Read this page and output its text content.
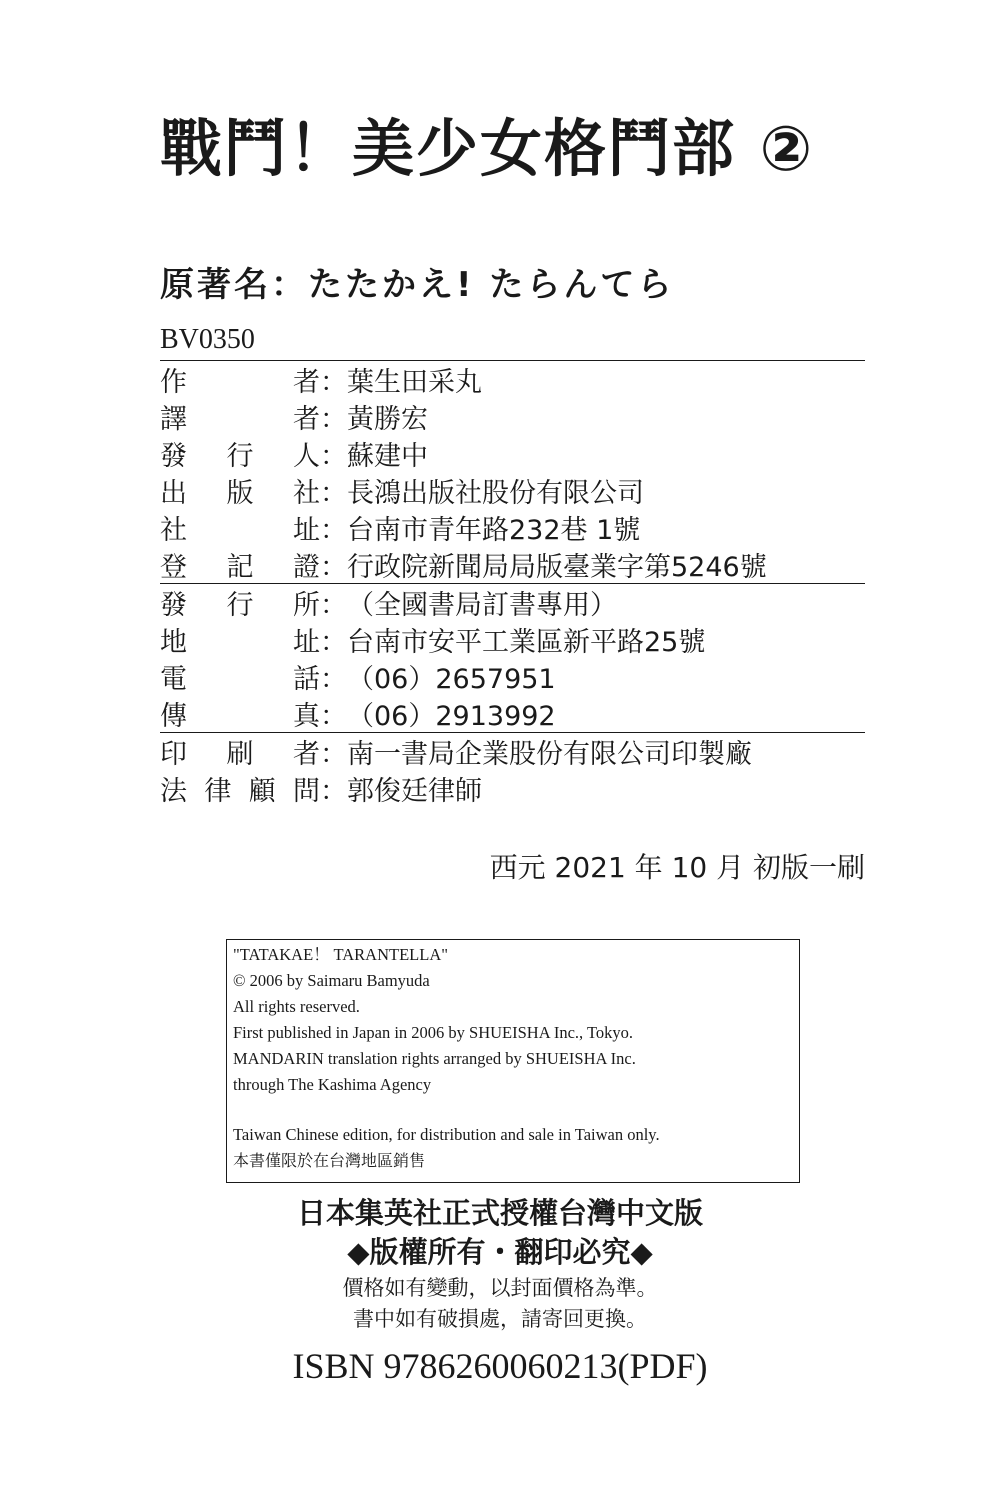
戰鬥！美少女格鬥部 ②
原著名：たたかえ! たらんてら
BV0350
作	者 ： 葉生田采丸
譯	者 ： 黃勝宏
發 行 人 ： 蘇建中
出 版 社 ： 長鴻出版社股份有限公司
社	址 ： 台南市青年路232巷 1號
登 記 證 ： 行政院新聞局局版臺業字第5246號
發 行 所 ： （全國書局訂書專用）
地	址 ： 台南市安平工業區新平路25號
電	話 ： （06）2657951
傳	真 ： （06）2913992
印 刷 者 ： 南一書局企業股份有限公司印製廠
法 律 顧 問 ： 郭俊廷律師
西元 2021 年 10 月 初版一刷
"TATAKAE！ TARANTELLA"
© 2006 by Saimaru Bamyuda
All rights reserved.
First published in Japan in 2006 by SHUEISHA Inc., Tokyo.
MANDARIN translation rights arranged by SHUEISHA Inc.
through The Kashima Agency
Taiwan Chinese edition, for distribution and sale in Taiwan only.
本書僅限於在台灣地區銷售
日本集英社正式授權台灣中文版
◆版權所有・翻印必究◆
價格如有變動，以封面價格為準。
書中如有破損處，請寄回更換。
ISBN 9786260060213(PDF)
